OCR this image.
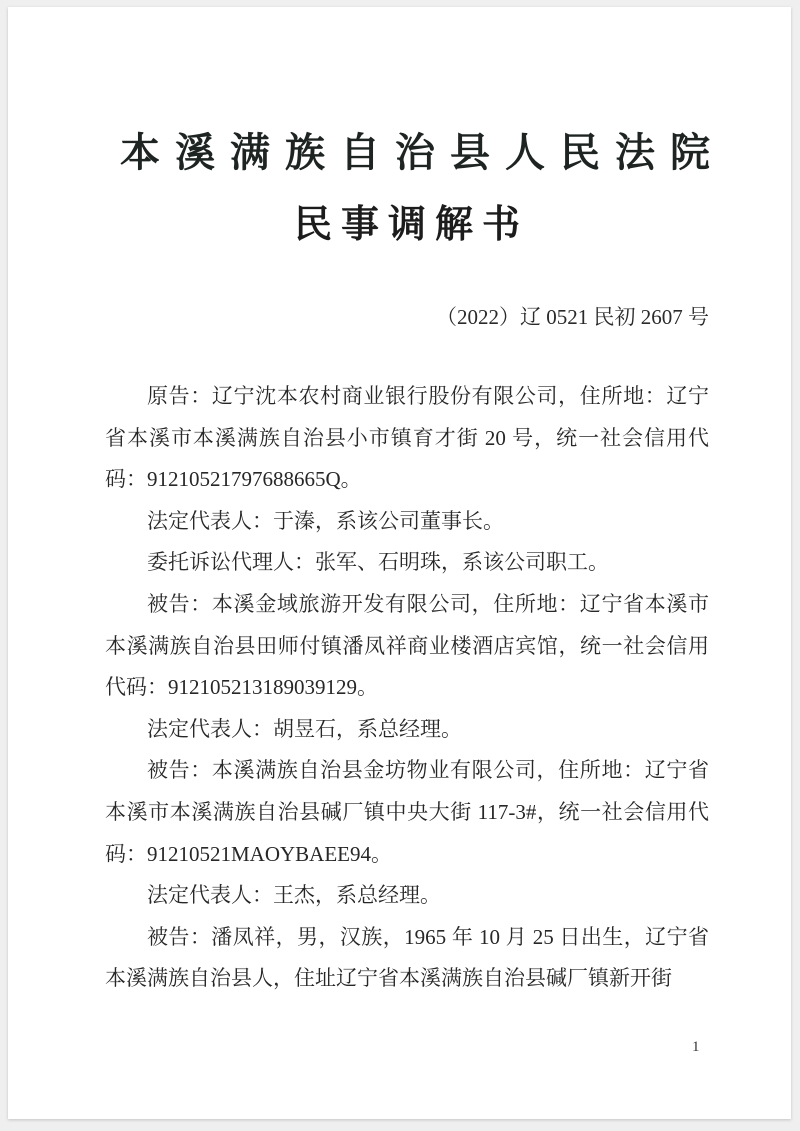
本溪满族自治县人民法院
民事调解书
（2022）辽 0521 民初 2607 号

原告：辽宁沈本农村商业银行股份有限公司，住所地：辽宁省本溪市本溪满族自治县小市镇育才街 20 号，统一社会信用代码：91210521797688665Q。

法定代表人：于溱，系该公司董事长。

委托诉讼代理人：张军、石明珠，系该公司职工。

被告：本溪金域旅游开发有限公司，住所地：辽宁省本溪市本溪满族自治县田师付镇潘凤祥商业楼酒店宾馆，统一社会信用代码：912105213189039129。

法定代表人：胡昱石，系总经理。

被告：本溪满族自治县金坊物业有限公司，住所地：辽宁省本溪市本溪满族自治县碱厂镇中央大街 117-3#，统一社会信用代码：91210521MAOYBAEE94。

法定代表人：王杰，系总经理。

被告：潘凤祥，男，汉族，1965 年 10 月 25 日出生，辽宁省本溪满族自治县人，住址辽宁省本溪满族自治县碱厂镇新开街

1
